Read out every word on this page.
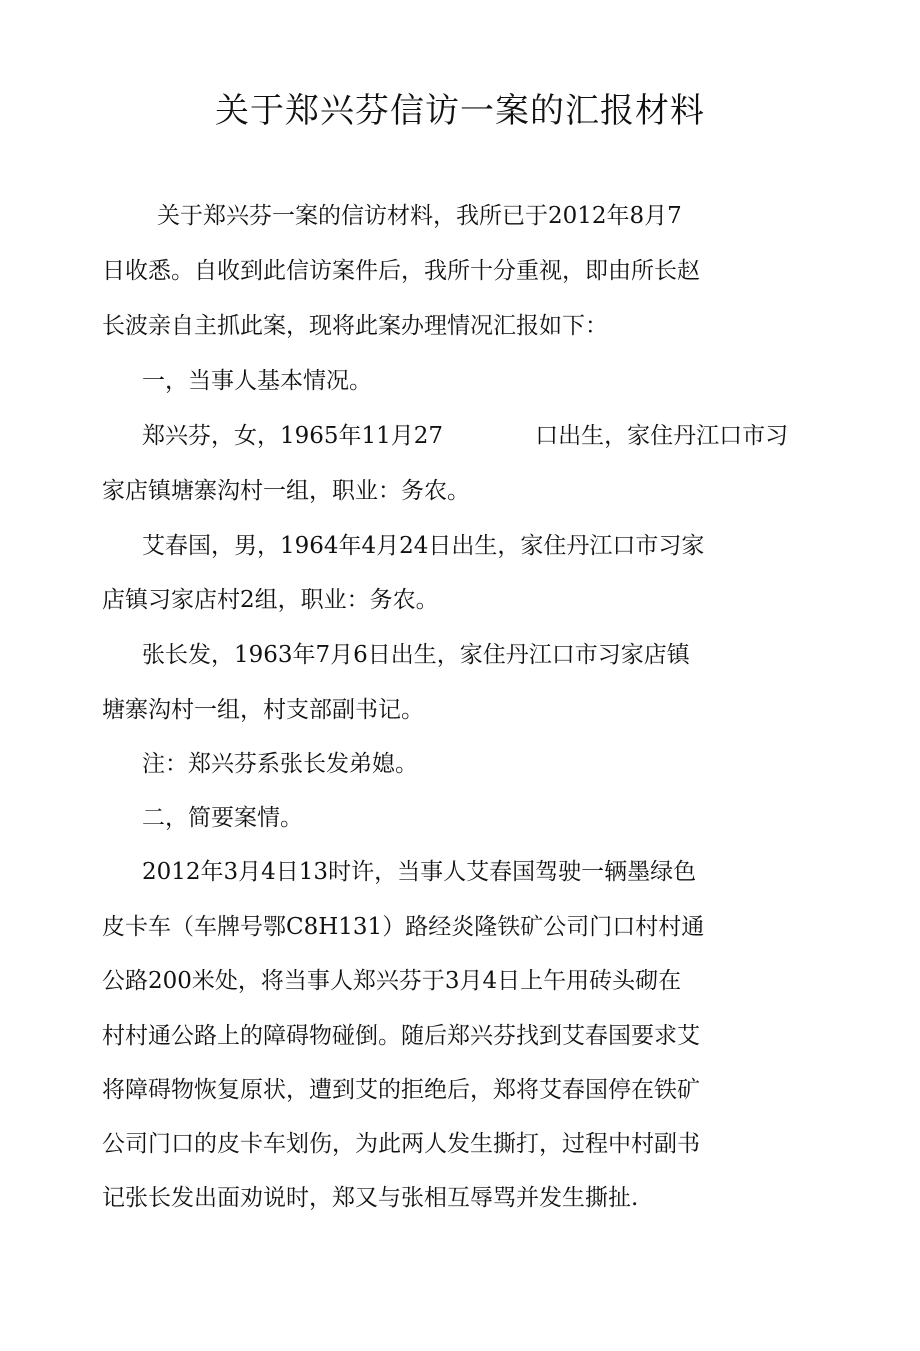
关于郑兴芬信访一案的汇报材料
关于郑兴芬一案的信访材料，我所已于2012年8月7
日收悉。自收到此信访案件后，我所十分重视，即由所长赵
长波亲自主抓此案，现将此案办理情况汇报如下：
一，当事人基本情况。
郑兴芬，女，1965年11月27	口出生，家住丹江口市习
家店镇塘寨沟村一组，职业：务农。
艾春国，男，1964年4月24日出生，家住丹江口市习家
店镇习家店村2组，职业：务农。
张长发，1963年7月6日出生，家住丹江口市习家店镇
塘寨沟村一组，村支部副书记。
注：郑兴芬系张长发弟媳。
二，简要案情。
2012年3月4日13时许，当事人艾春国驾驶一辆墨绿色
皮卡车（车牌号鄂C8H131）路经炎隆铁矿公司门口村村通
公路200米处，将当事人郑兴芬于3月4日上午用砖头砌在
村村通公路上的障碍物碰倒。随后郑兴芬找到艾春国要求艾
将障碍物恢复原状，遭到艾的拒绝后，郑将艾春国停在铁矿
公司门口的皮卡车划伤，为此两人发生撕打，过程中村副书
记张长发出面劝说时，郑又与张相互辱骂并发生撕扯.
